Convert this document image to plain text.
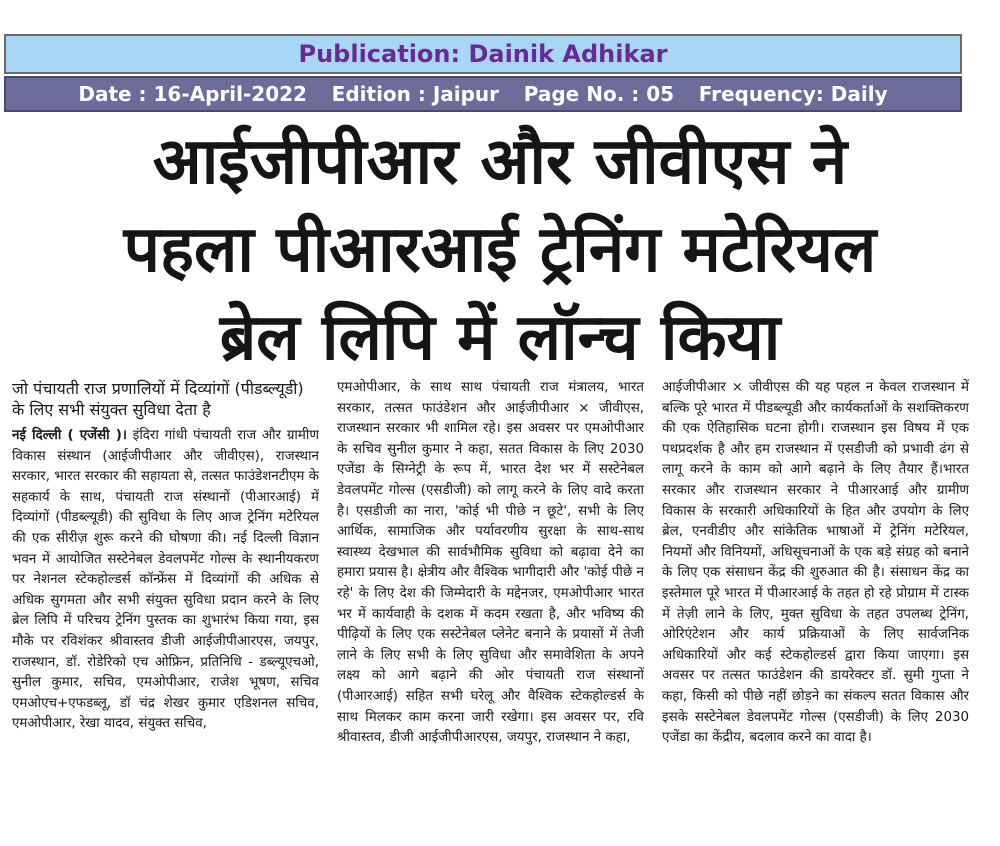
Publication: Dainik Adhikar
Date : 16-April-2022 Edition : Jaipur Page No. : 05 Frequency: Daily
आईजीपीआर और जीवीएस ने
पहला पीआरआई ट्रेनिंग मटेरियल
ब्रेल लिपि में लॉन्च किया

जो पंचायती राज प्रणालियों में दिव्यांगों (पीडब्ल्यूडी) के लिए सभी संयुक्त सुविधा देता है

नई दिल्ली ( एजेंसी )। इंदिरा गांधी पंचायती राज और ग्रामीण विकास संस्थान (आईजीपीआर और जीवीएस), राजस्थान सरकार, भारत सरकार की सहायता से, तत्सत फाउंडेशनटीएम के सहकार्य के साथ, पंचायती राज संस्थानों (पीआरआई) में दिव्यांगों (पीडब्ल्यूडी) की सुविधा के लिए आज ट्रेनिंग मटेरियल की एक सीरीज़ शुरू करने की घोषणा की। नई दिल्ली विज्ञान भवन में आयोजित सस्टेनेबल डेवलपमेंट गोल्स के स्थानीयकरण पर नेशनल स्टेकहोल्डर्स कॉन्फ्रेंस में दिव्यांगों की अधिक से अधिक सुगमता और सभी संयुक्त सुविधा प्रदान करने के लिए ब्रेल लिपि में परिचय ट्रेनिंग पुस्तक का शुभारंभ किया गया, इस मौके पर रविशंकर श्रीवास्तव डीजी आईजीपीआरएस, जयपुर, राजस्थान, डॉ. रोडेरिको एच ओफ्रिन, प्रतिनिधि - डब्ल्यूएचओ, सुनील कुमार, सचिव, एमओपीआर, राजेश भूषण, सचिव एमओएच+एफडब्लू, डॉ चंद्र शेखर कुमार एडिशनल सचिव, एमओपीआर, रेखा यादव, संयुक्त सचिव,

एमओपीआर, के साथ साथ पंचायती राज मंत्रालय, भारत सरकार, तत्सत फाउंडेशन और आईजीपीआर × जीवीएस, राजस्थान सरकार भी शामिल रहे। इस अवसर पर एमओपीआर के सचिव सुनील कुमार ने कहा, सतत विकास के लिए 2030 एजेंडा के सिग्नेट्री के रूप में, भारत देश भर में सस्टेनेबल डेवलपमेंट गोल्स (एसडीजी) को लागू करने के लिए वादे करता है। एसडीजी का नारा, 'कोई भी पीछे न छूटे', सभी के लिए आर्थिक, सामाजिक और पर्यावरणीय सुरक्षा के साथ-साथ स्वास्थ्य देखभाल की सार्वभौमिक सुविधा को बढ़ावा देने का हमारा प्रयास है। क्षेत्रीय और वैश्विक भागीदारी और 'कोई पीछे न रहे' के लिए देश की जिम्मेदारी के मद्देनजर, एमओपीआर भारत भर में कार्यवाही के दशक में कदम रखता है, और भविष्य की पीढ़ियों के लिए एक सस्टेनेबल प्लेनेट बनाने के प्रयासों में तेजी लाने के लिए सभी के लिए सुविधा और समावेशिता के अपने लक्ष्य को आगे बढ़ाने की ओर पंचायती राज संस्थानों (पीआरआई) सहित सभी घरेलू और वैश्विक स्टेकहोल्डर्स के साथ मिलकर काम करना जारी रखेगा। इस अवसर पर, रवि श्रीवास्तव, डीजी आईजीपीआरएस, जयपुर, राजस्थान ने कहा,

आईजीपीआर × जीवीएस की यह पहल न केवल राजस्थान में बल्कि पूरे भारत में पीडब्ल्यूडी और कार्यकर्ताओं के सशक्तिकरण की एक ऐतिहासिक घटना होगी। राजस्थान इस विषय में एक पथप्रदर्शक है और हम राजस्थान में एसडीजी को प्रभावी ढंग से लागू करने के काम को आगे बढ़ाने के लिए तैयार हैं।भारत सरकार और राजस्थान सरकार ने पीआरआई और ग्रामीण विकास के सरकारी अधिकारियों के हित और उपयोग के लिए ब्रेल, एनवीडीए और सांकेतिक भाषाओं में ट्रेनिंग मटेरियल, नियमों और विनियमों, अधिसूचनाओं के एक बड़े संग्रह को बनाने के लिए एक संसाधन केंद्र की शुरुआत की है। संसाधन केंद्र का इस्तेमाल पूरे भारत में पीआरआई के तहत हो रहे प्रोग्राम में टास्क में तेज़ी लाने के लिए, मुक्त सुविधा के तहत उपलब्ध ट्रेनिंग, ओरिएंटेशन और कार्य प्रक्रियाओं के लिए सार्वजनिक अधिकारियों और कई स्टेकहोल्डर्स द्वारा किया जाएगा। इस अवसर पर तत्सत फाउंडेशन की डायरेक्टर डॉ. सुमी गुप्ता ने कहा, किसी को पीछे नहीं छोड़ने का संकल्प सतत विकास और इसके सस्टेनेबल डेवलपमेंट गोल्स (एसडीजी) के लिए 2030 एजेंडा का केंद्रीय, बदलाव करने का वादा है।
